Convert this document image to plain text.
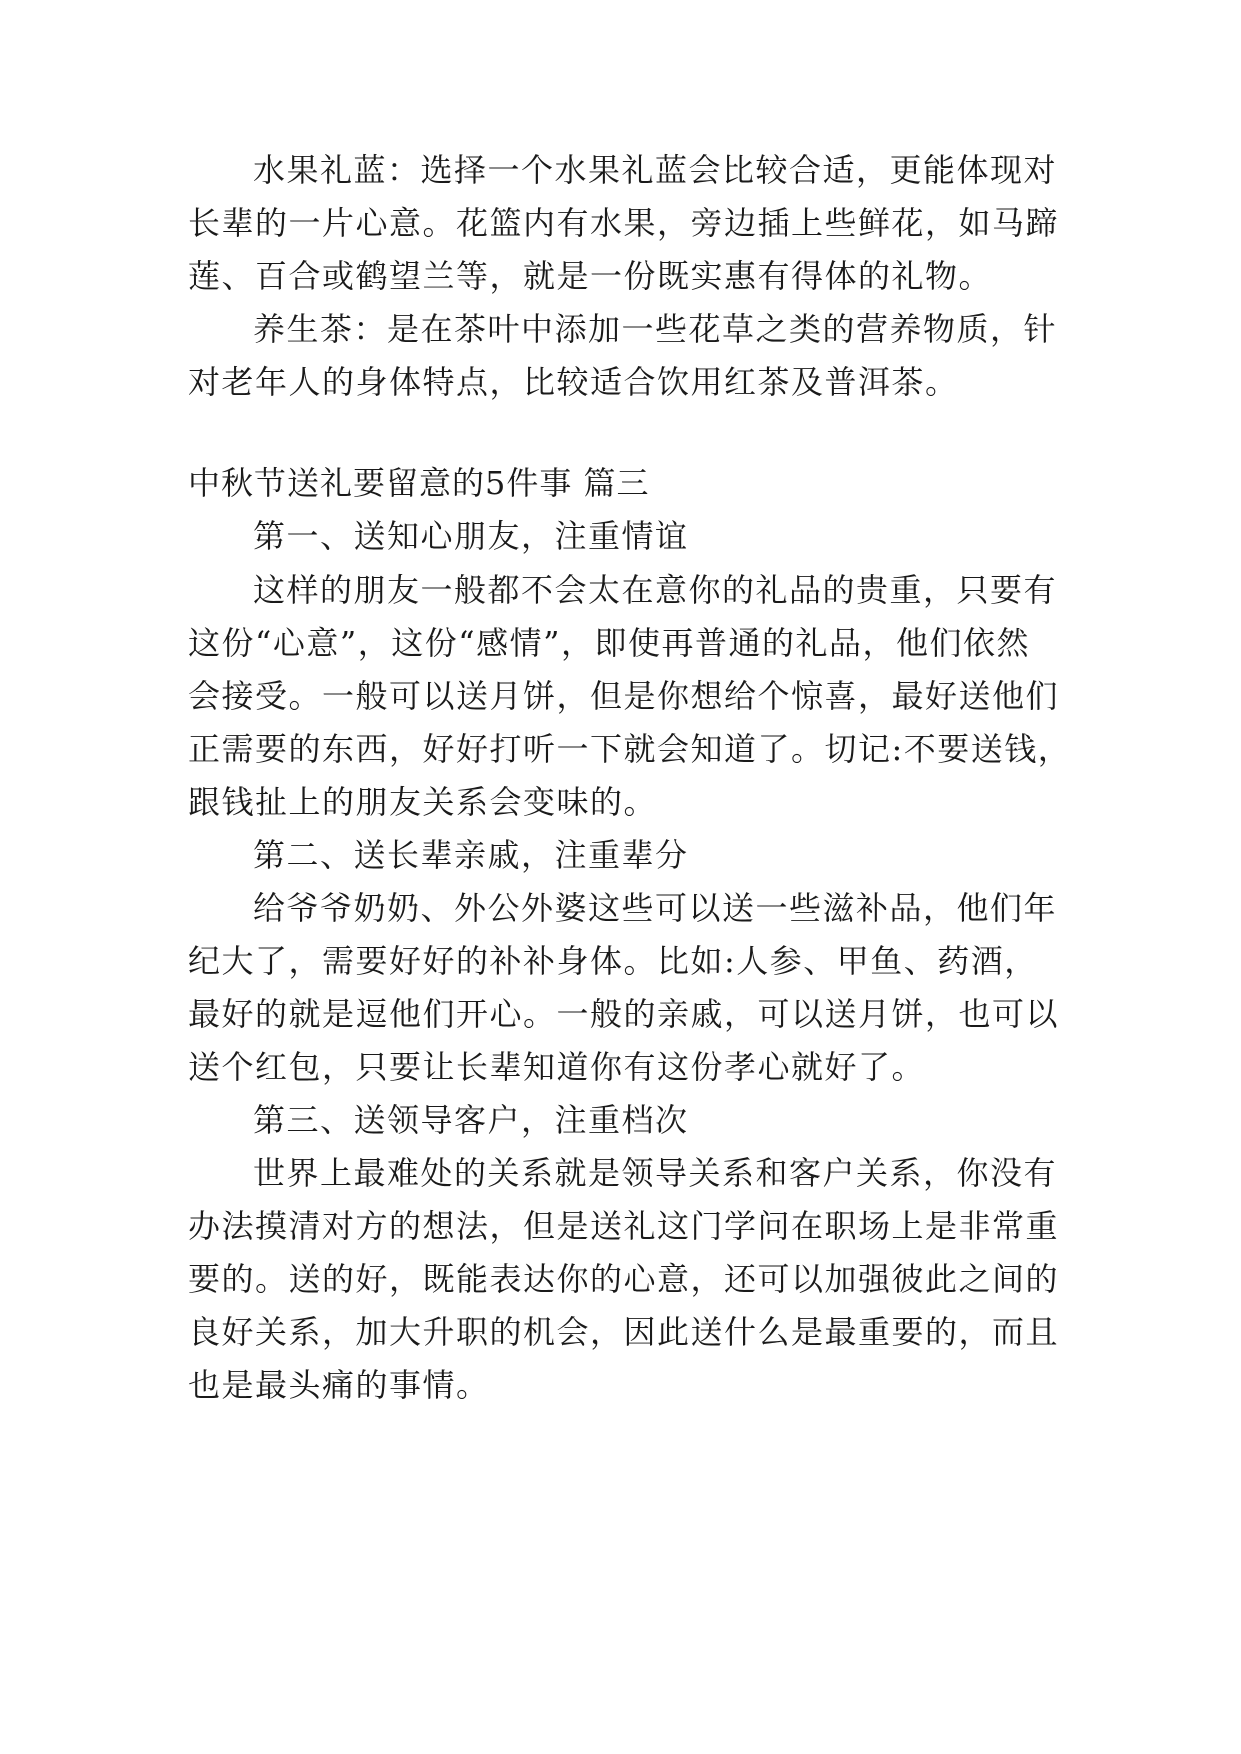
水果礼蓝：选择一个水果礼蓝会比较合适，更能体现对
长辈的一片心意。花篮内有水果，旁边插上些鲜花，如马蹄
莲、百合或鹤望兰等，就是一份既实惠有得体的礼物。
养生茶：是在茶叶中添加一些花草之类的营养物质，针
对老年人的身体特点，比较适合饮用红茶及普洱茶。
中秋节送礼要留意的5件事 篇三
第一、送知心朋友，注重情谊
这样的朋友一般都不会太在意你的礼品的贵重，只要有
这份“心意”，这份“感情”，即使再普通的礼品，他们依然
会接受。一般可以送月饼，但是你想给个惊喜，最好送他们
正需要的东西，好好打听一下就会知道了。切记:不要送钱，
跟钱扯上的朋友关系会变味的。
第二、送长辈亲戚，注重辈分
给爷爷奶奶、外公外婆这些可以送一些滋补品，他们年
纪大了，需要好好的补补身体。比如:人参、甲鱼、药酒，
最好的就是逗他们开心。一般的亲戚，可以送月饼，也可以
送个红包，只要让长辈知道你有这份孝心就好了。
第三、送领导客户，注重档次
世界上最难处的关系就是领导关系和客户关系，你没有
办法摸清对方的想法，但是送礼这门学问在职场上是非常重
要的。送的好，既能表达你的心意，还可以加强彼此之间的
良好关系，加大升职的机会，因此送什么是最重要的，而且
也是最头痛的事情。
